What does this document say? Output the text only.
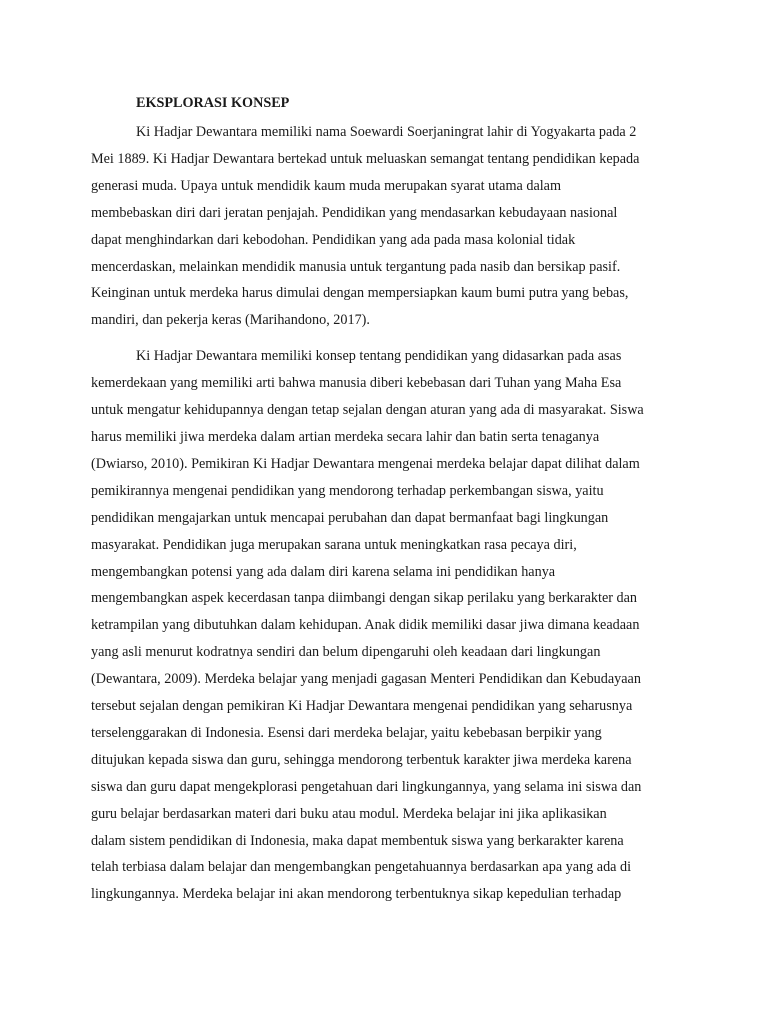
EKSPLORASI KONSEP

Ki Hadjar Dewantara memiliki nama Soewardi Soerjaningrat lahir di Yogyakarta pada 2
Mei 1889. Ki Hadjar Dewantara bertekad untuk meluaskan semangat tentang pendidikan kepada
generasi muda. Upaya untuk mendidik kaum muda merupakan syarat utama dalam
membebaskan diri dari jeratan penjajah. Pendidikan yang mendasarkan kebudayaan nasional
dapat menghindarkan dari kebodohan. Pendidikan yang ada pada masa kolonial tidak
mencerdaskan, melainkan mendidik manusia untuk tergantung pada nasib dan bersikap pasif.
Keinginan untuk merdeka harus dimulai dengan mempersiapkan kaum bumi putra yang bebas,
mandiri, dan pekerja keras (Marihandono, 2017).

Ki Hadjar Dewantara memiliki konsep tentang pendidikan yang didasarkan pada asas
kemerdekaan yang memiliki arti bahwa manusia diberi kebebasan dari Tuhan yang Maha Esa
untuk mengatur kehidupannya dengan tetap sejalan dengan aturan yang ada di masyarakat. Siswa
harus memiliki jiwa merdeka dalam artian merdeka secara lahir dan batin serta tenaganya
(Dwiarso, 2010). Pemikiran Ki Hadjar Dewantara mengenai merdeka belajar dapat dilihat dalam
pemikirannya mengenai pendidikan yang mendorong terhadap perkembangan siswa, yaitu
pendidikan mengajarkan untuk mencapai perubahan dan dapat bermanfaat bagi lingkungan
masyarakat. Pendidikan juga merupakan sarana untuk meningkatkan rasa pecaya diri,
mengembangkan potensi yang ada dalam diri karena selama ini pendidikan hanya
mengembangkan aspek kecerdasan tanpa diimbangi dengan sikap perilaku yang berkarakter dan
ketrampilan yang dibutuhkan dalam kehidupan. Anak didik memiliki dasar jiwa dimana keadaan
yang asli menurut kodratnya sendiri dan belum dipengaruhi oleh keadaan dari lingkungan
(Dewantara, 2009). Merdeka belajar yang menjadi gagasan Menteri Pendidikan dan Kebudayaan
tersebut sejalan dengan pemikiran Ki Hadjar Dewantara mengenai pendidikan yang seharusnya
terselenggarakan di Indonesia. Esensi dari merdeka belajar, yaitu kebebasan berpikir yang
ditujukan kepada siswa dan guru, sehingga mendorong terbentuk karakter jiwa merdeka karena
siswa dan guru dapat mengekplorasi pengetahuan dari lingkungannya, yang selama ini siswa dan
guru belajar berdasarkan materi dari buku atau modul. Merdeka belajar ini jika aplikasikan
dalam sistem pendidikan di Indonesia, maka dapat membentuk siswa yang berkarakter karena
telah terbiasa dalam belajar dan mengembangkan pengetahuannya berdasarkan apa yang ada di
lingkungannya. Merdeka belajar ini akan mendorong terbentuknya sikap kepedulian terhadap
